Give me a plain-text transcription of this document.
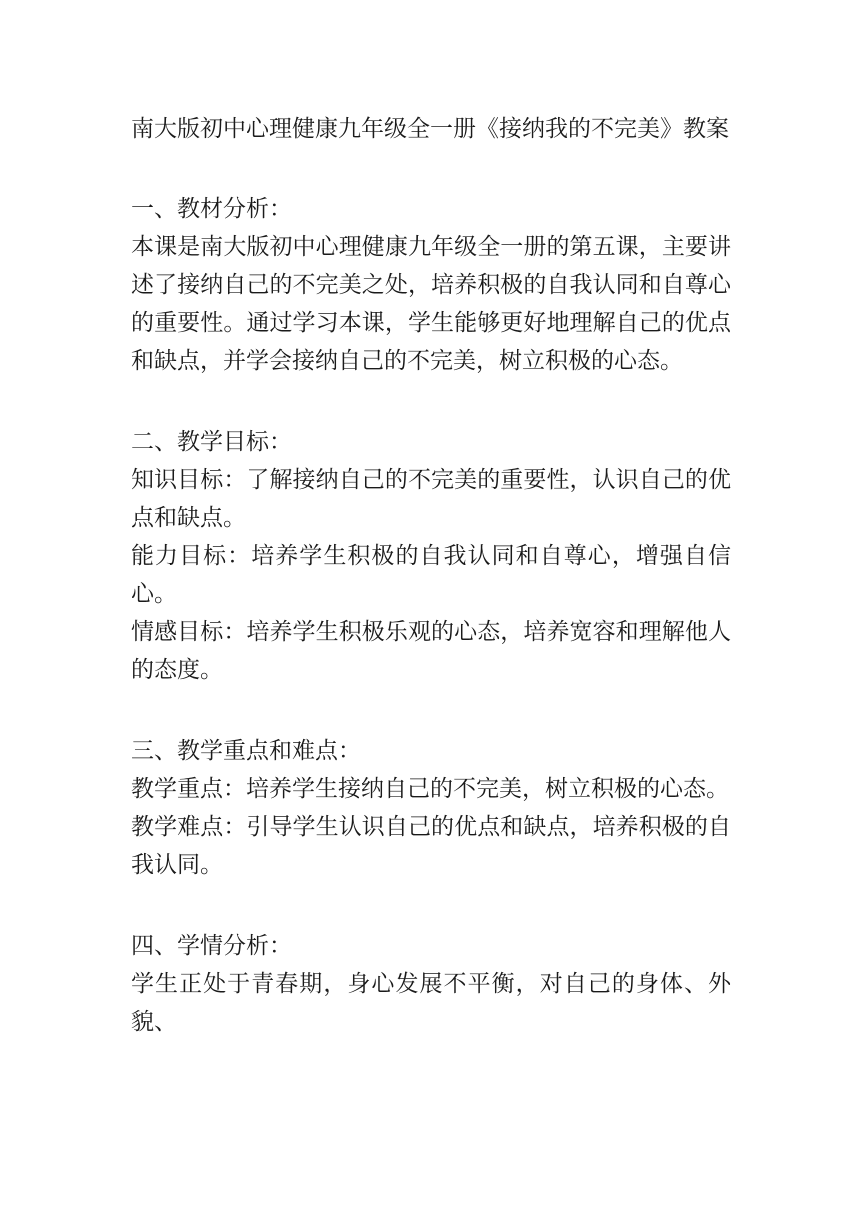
南大版初中心理健康九年级全一册《接纳我的不完美》教案
一、教材分析：
本课是南大版初中心理健康九年级全一册的第五课，主要讲述了接纳自己的不完美之处，培养积极的自我认同和自尊心的重要性。通过学习本课，学生能够更好地理解自己的优点和缺点，并学会接纳自己的不完美，树立积极的心态。
二、教学目标：
知识目标：了解接纳自己的不完美的重要性，认识自己的优点和缺点。
能力目标：培养学生积极的自我认同和自尊心，增强自信心。
情感目标：培养学生积极乐观的心态，培养宽容和理解他人的态度。
三、教学重点和难点：
教学重点：培养学生接纳自己的不完美，树立积极的心态。
教学难点：引导学生认识自己的优点和缺点，培养积极的自我认同。
四、学情分析：
学生正处于青春期，身心发展不平衡，对自己的身体、外貌、
